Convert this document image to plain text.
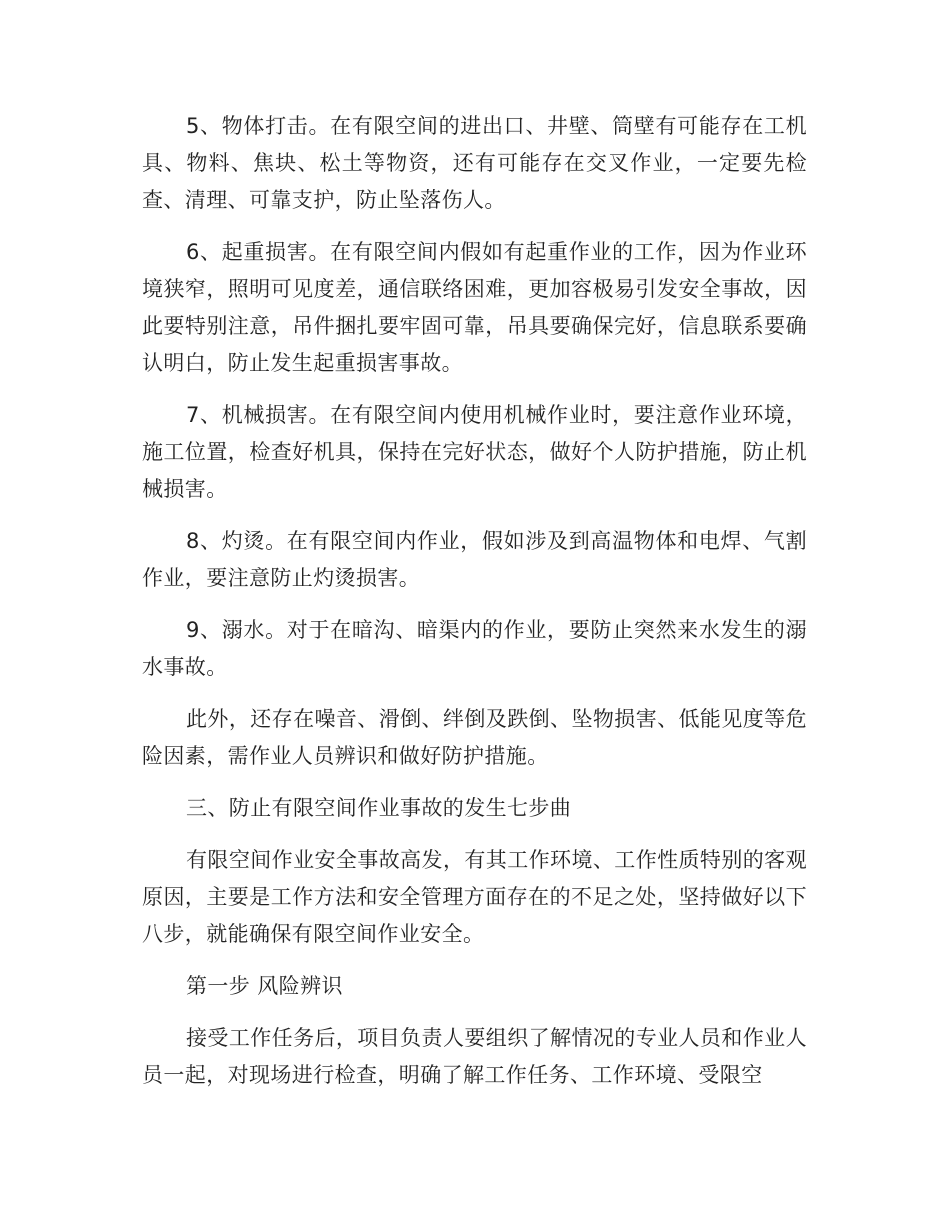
5、物体打击。在有限空间的进出口、井壁、筒壁有可能存在工机具、物料、焦块、松土等物资，还有可能存在交叉作业，一定要先检查、清理、可靠支护，防止坠落伤人。

6、起重损害。在有限空间内假如有起重作业的工作，因为作业环境狭窄，照明可见度差，通信联络困难，更加容极易引发安全事故，因此要特别注意，吊件捆扎要牢固可靠，吊具要确保完好，信息联系要确认明白，防止发生起重损害事故。

7、机械损害。在有限空间内使用机械作业时，要注意作业环境，施工位置，检查好机具，保持在完好状态，做好个人防护措施，防止机械损害。

8、灼烫。在有限空间内作业，假如涉及到高温物体和电焊、气割作业，要注意防止灼烫损害。

9、溺水。对于在暗沟、暗渠内的作业，要防止突然来水发生的溺水事故。

此外，还存在噪音、滑倒、绊倒及跌倒、坠物损害、低能见度等危险因素，需作业人员辨识和做好防护措施。

三、防止有限空间作业事故的发生七步曲

有限空间作业安全事故高发，有其工作环境、工作性质特别的客观原因，主要是工作方法和安全管理方面存在的不足之处，坚持做好以下八步，就能确保有限空间作业安全。

第一步 风险辨识

接受工作任务后，项目负责人要组织了解情况的专业人员和作业人员一起，对现场进行检查，明确了解工作任务、工作环境、受限空
